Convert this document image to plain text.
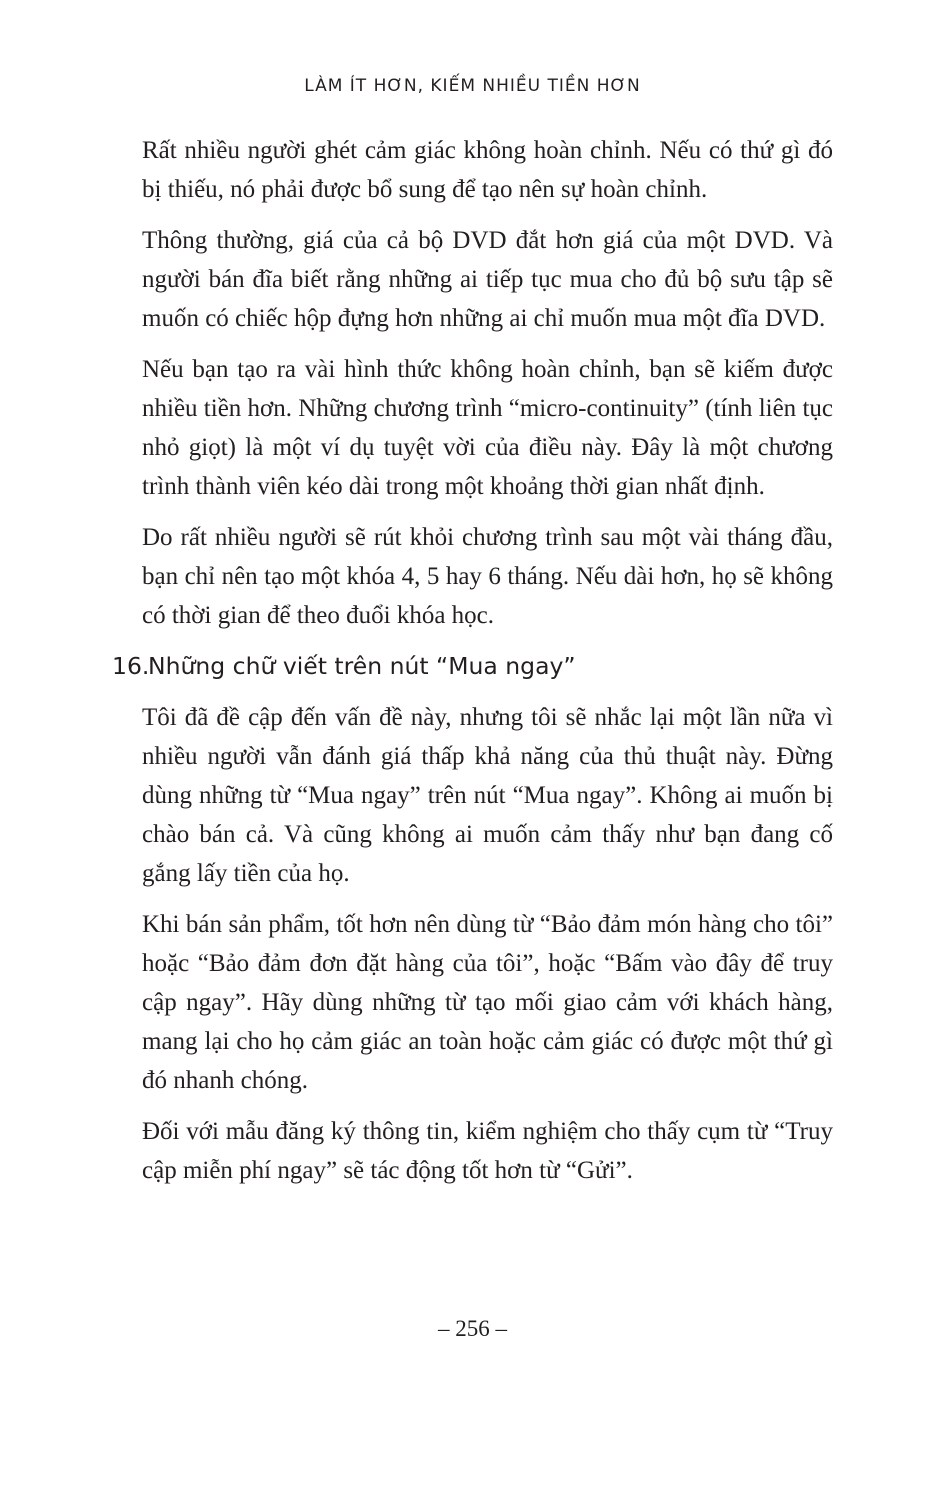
LÀM ÍT HƠN, KIẾM NHIỀU TIỀN HƠN

Rất nhiều người ghét cảm giác không hoàn chỉnh. Nếu có thứ gì đó bị thiếu, nó phải được bổ sung để tạo nên sự hoàn chỉnh.

Thông thường, giá của cả bộ DVD đắt hơn giá của một DVD. Và người bán đĩa biết rằng những ai tiếp tục mua cho đủ bộ sưu tập sẽ muốn có chiếc hộp đựng hơn những ai chỉ muốn mua một đĩa DVD.

Nếu bạn tạo ra vài hình thức không hoàn chỉnh, bạn sẽ kiếm được nhiều tiền hơn. Những chương trình “micro-continuity” (tính liên tục nhỏ giọt) là một ví dụ tuyệt vời của điều này. Đây là một chương trình thành viên kéo dài trong một khoảng thời gian nhất định.

Do rất nhiều người sẽ rút khỏi chương trình sau một vài tháng đầu, bạn chỉ nên tạo một khóa 4, 5 hay 6 tháng. Nếu dài hơn, họ sẽ không có thời gian để theo đuổi khóa học.

16.Những chữ viết trên nút “Mua ngay”

Tôi đã đề cập đến vấn đề này, nhưng tôi sẽ nhắc lại một lần nữa vì nhiều người vẫn đánh giá thấp khả năng của thủ thuật này. Đừng dùng những từ “Mua ngay” trên nút “Mua ngay”. Không ai muốn bị chào bán cả. Và cũng không ai muốn cảm thấy như bạn đang cố gắng lấy tiền của họ.

Khi bán sản phẩm, tốt hơn nên dùng từ “Bảo đảm món hàng cho tôi” hoặc “Bảo đảm đơn đặt hàng của tôi”, hoặc “Bấm vào đây để truy cập ngay”. Hãy dùng những từ tạo mối giao cảm với khách hàng, mang lại cho họ cảm giác an toàn hoặc cảm giác có được một thứ gì đó nhanh chóng.

Đối với mẫu đăng ký thông tin, kiểm nghiệm cho thấy cụm từ “Truy cập miễn phí ngay” sẽ tác động tốt hơn từ “Gửi”.

– 256 –
